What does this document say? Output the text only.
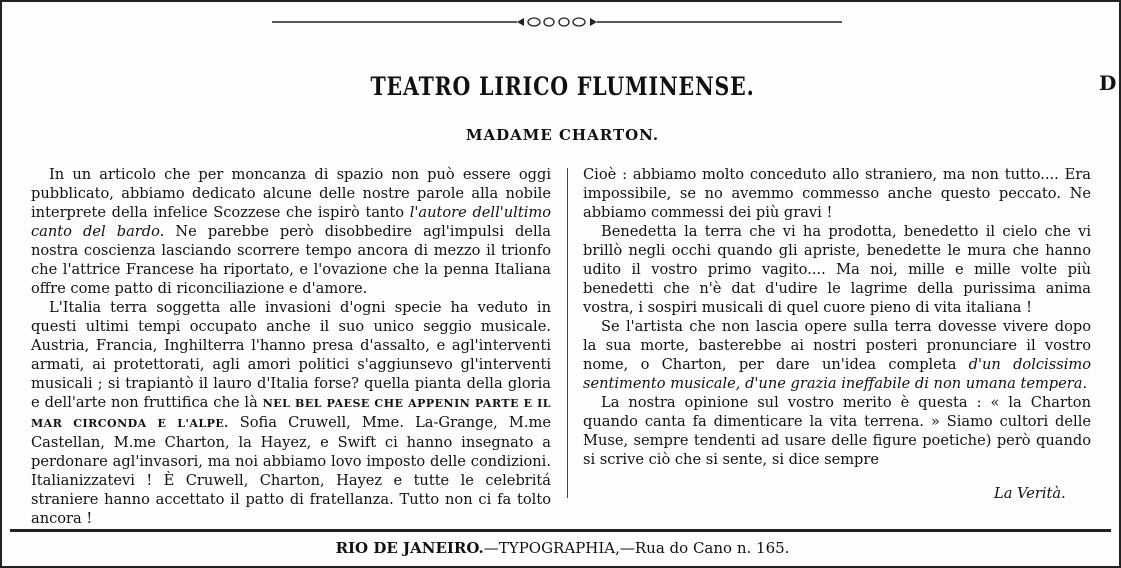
TEATRO LIRICO FLUMINENSE.	D
MADAME CHARTON.

In un articolo che per moncanza di spazio non può essere oggi pubblicato, abbiamo dedicato alcune delle nostre parole alla nobile interprete della infelice Scozzese che ispirò tanto l'autore dell'ultimo canto del bardo. Ne parebbe però disobbedire agl'impulsi della nostra coscienza lasciando scorrere tempo ancora di mezzo il trionfo che l'attrice Francese ha riportato, e l'ovazione che la penna Italiana offre come patto di riconciliazione e d'amore.

L'Italia terra soggetta alle invasioni d'ogni specie ha veduto in questi ultimi tempi occupato anche il suo unico seggio musicale. Austria, Francia, Inghilterra l'hanno presa d'assalto, e agl'interventi armati, ai protettorati, agli amori politici s'aggiunsevo gl'interventi musicali ; si trapiantò il lauro d'Italia forse? quella pianta della gloria e dell'arte non fruttifica che là NEL BEL PAESE CHE APPENIN PARTE E IL MAR CIRCONDA E L'ALPE. Sofia Cruwell, Mme. La-Grange, M.me Castellan, M.me Charton, la Hayez, e Swift ci hanno insegnato a perdonare agl'invasori, ma noi abbiamo lovo imposto delle condizioni. Italianizzatevi ! È Cruwell, Charton, Hayez e tutte le celebritá straniere hanno accettato il patto di fratellanza. Tutto non ci fa tolto ancora !

Cioè : abbiamo molto conceduto allo straniero, ma non tutto.... Era impossibile, se no avemmo commesso anche questo peccato. Ne abbiamo commessi dei più gravi !

Benedetta la terra che vi ha prodotta, benedetto il cielo che vi brillò negli occhi quando gli apriste, benedette le mura che hanno udito il vostro primo vagito.... Ma noi, mille e mille volte più benedetti che n'è dat d'udire le lagrime della purissima anima vostra, i sospiri musicali di quel cuore pieno di vita italiana !

Se l'artista che non lascia opere sulla terra dovesse vivere dopo la sua morte, basterebbe ai nostri posteri pronunciare il vostro nome, o Charton, per dare un'idea completa d'un dolcissimo sentimento musicale, d'une grazia ineffabile di non umana tempera.

La nostra opinione sul vostro merito è questa : « la Charton quando canta fa dimenticare la vita terrena. » Siamo cultori delle Muse, sempre tendenti ad usare delle figure poetiche) però quando si scrive ciò che si sente, si dice sempre

La Verità.
RIO DE JANEIRO.—TYPOGRAPHIA,—Rua do Cano n. 165.
